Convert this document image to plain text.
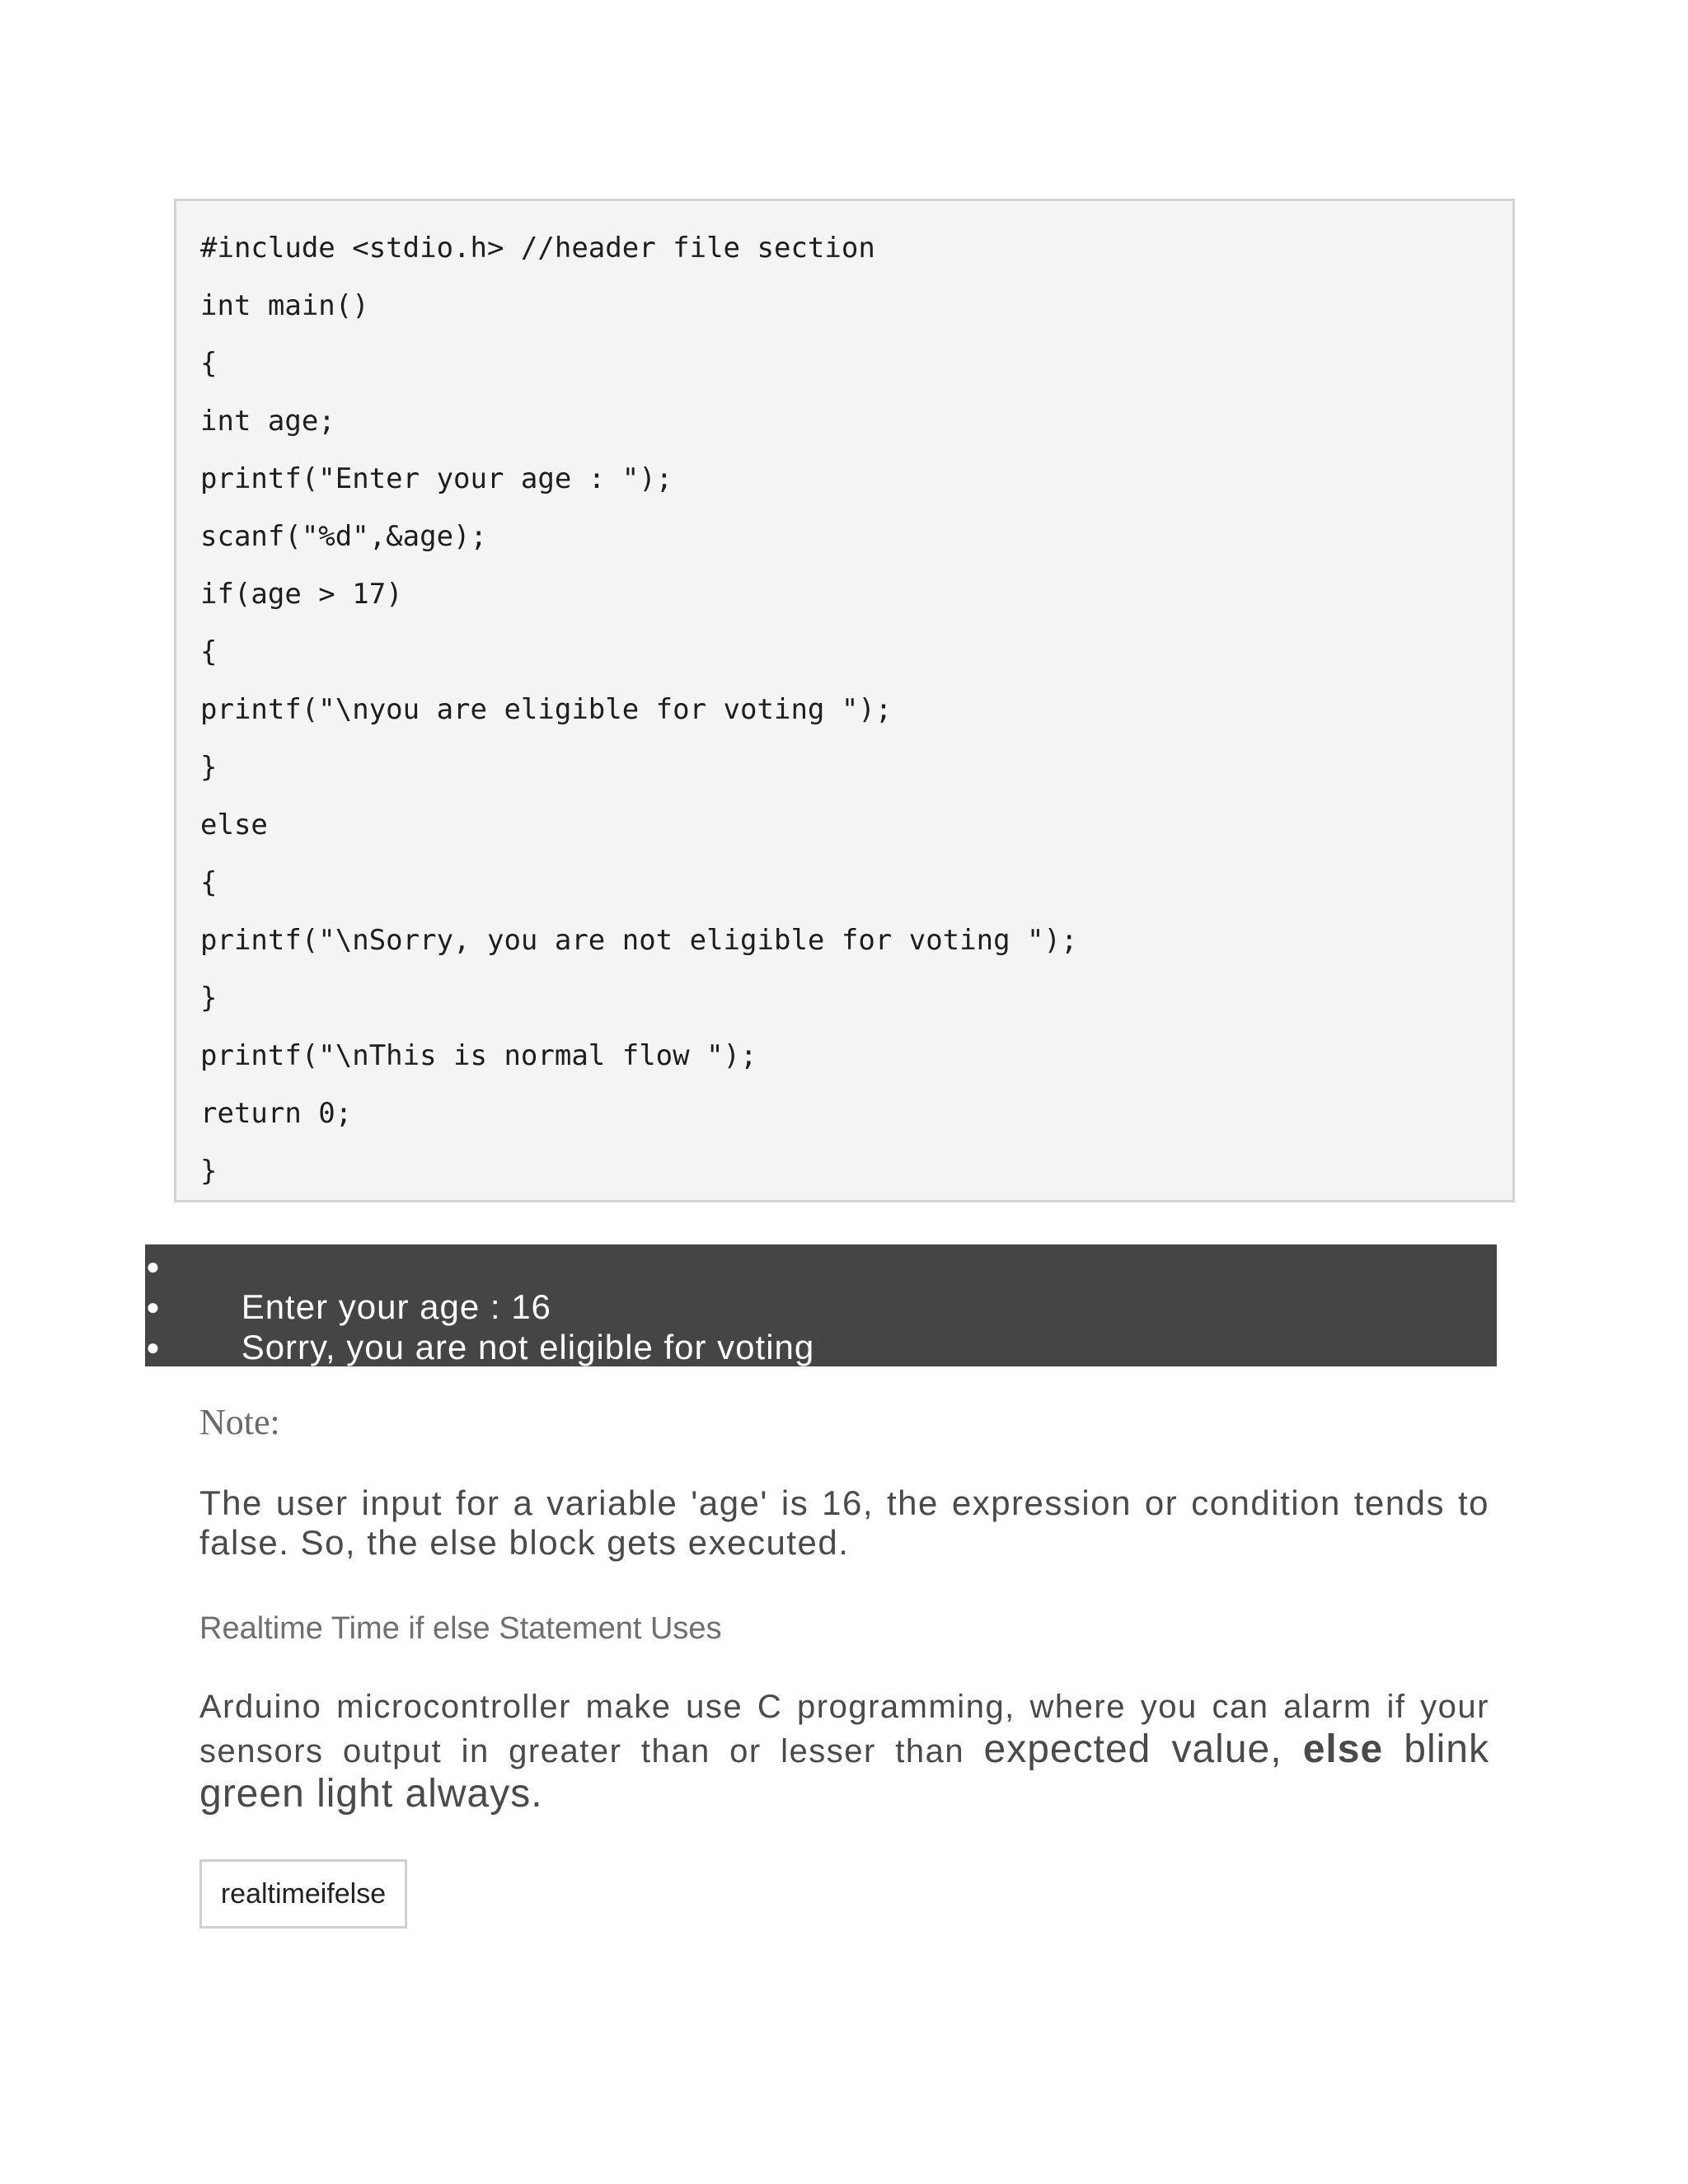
#include <stdio.h> //header file section
int main()
{
int age;
printf("Enter your age : ");
scanf("%d",&age);
if(age > 17)
{
printf("\nyou are eligible for voting ");
}
else
{
printf("\nSorry, you are not eligible for voting ");
}
printf("\nThis is normal flow ");
return 0;
}

●
Enter your age : 16

●
Sorry, you are not eligible for voting

●
This is normal flow

Note:
The user input for a variable 'age' is 16, the expression or condition tends to false. So, the else block gets executed.
Realtime Time if else Statement Uses
Arduino microcontroller make use C programming, where you can alarm if your sensors output in greater than or lesser than expected value, else blink green light always.
realtimeifelse
